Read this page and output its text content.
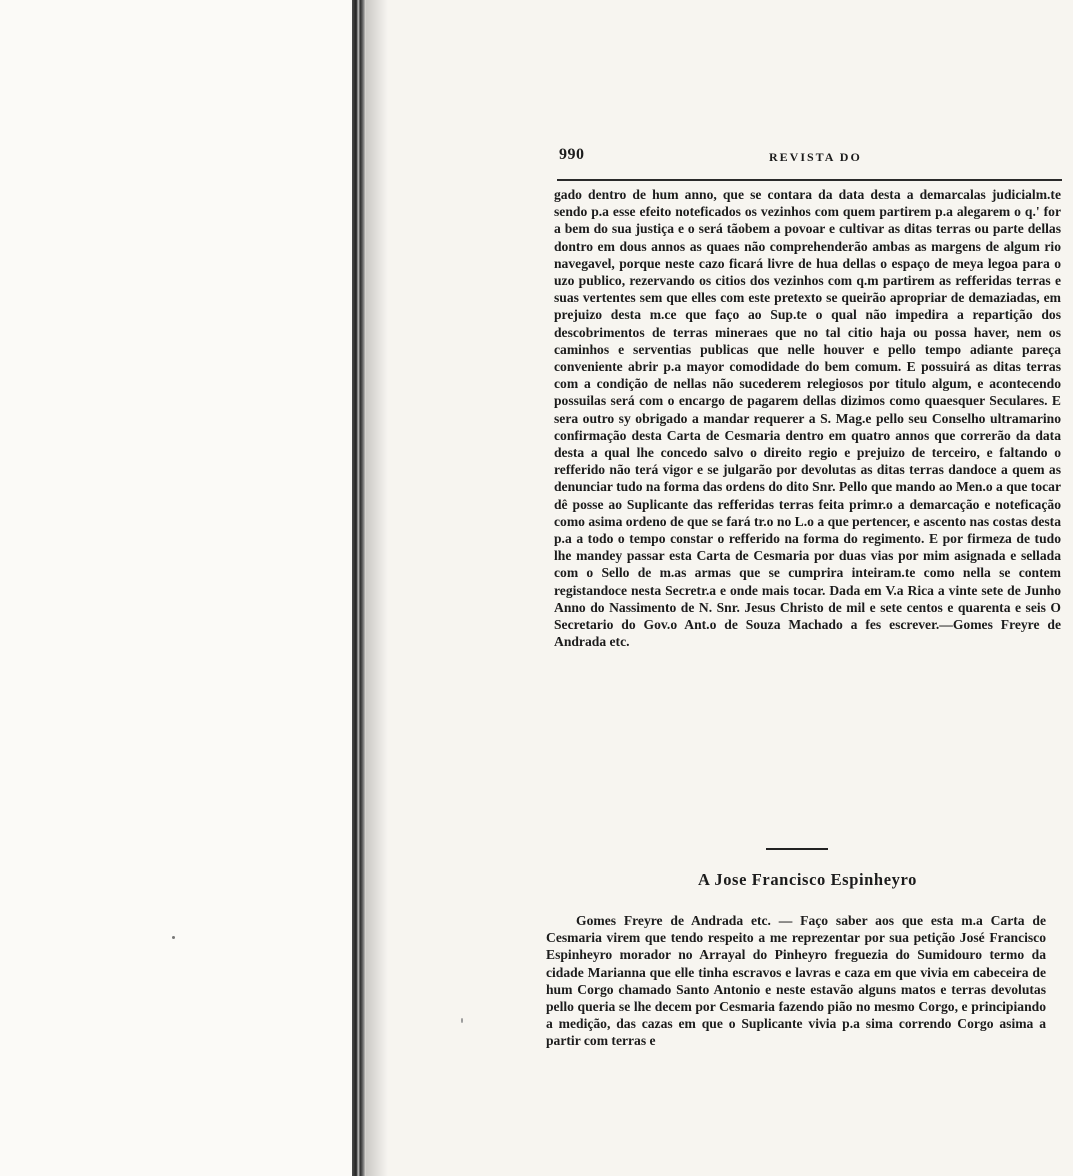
990	REVISTA DO

gado dentro de hum anno, que se contara da data desta a demarcalas judicialm.te sendo p.a esse efeito noteficados os vezinhos com quem partirem p.a alegarem o q.' for a bem do sua justiça e o será tãobem a povoar e cultivar as ditas terras ou parte dellas dontro em dous annos as quaes não comprehenderão ambas as margens de algum rio navegavel, porque neste cazo ficará livre de hua dellas o espaço de meya legoa para o uzo publico, rezervando os citios dos vezinhos com q.m partirem as refferidas terras e suas vertentes sem que elles com este pretexto se queirão apropriar de demaziadas, em prejuizo desta m.ce que faço ao Sup.te o qual não impedira a repartição dos descobrimentos de terras mineraes que no tal citio haja ou possa haver, nem os caminhos e serventias publicas que nelle houver e pello tempo adiante pareça conveniente abrir p.a mayor comodidade do bem comum. E possuirá as ditas terras com a condição de nellas não sucederem relegiosos por titulo algum, e acontecendo possuilas será com o encargo de pagarem dellas dizimos como quaesquer Seculares. E sera outro sy obrigado a mandar requerer a S. Mag.e pello seu Conselho ultramarino confirmação desta Carta de Cesmaria dentro em quatro annos que correrão da data desta a qual lhe concedo salvo o direito regio e prejuizo de terceiro, e faltando o refferido não terá vigor e se julgarão por devolutas as ditas terras dandoce a quem as denunciar tudo na forma das ordens do dito Snr. Pello que mando ao Men.o a que tocar dê posse ao Suplicante das refferidas terras feita primr.o a demarcação e noteficação como asima ordeno de que se fará tr.o no L.o a que pertencer, e ascento nas costas desta p.a a todo o tempo constar o refferido na forma do regimento. E por firmeza de tudo lhe mandey passar esta Carta de Cesmaria por duas vias por mim asignada e sellada com o Sello de m.as armas que se cumprira inteiram.te como nella se contem registandoce nesta Secretr.a e onde mais tocar. Dada em V.a Rica a vinte sete de Junho Anno do Nassimento de N. Snr. Jesus Christo de mil e sete centos e quarenta e seis O Secretario do Gov.o Ant.o de Souza Machado a fes escrever.—Gomes Freyre de Andrada etc.

A Jose Francisco Espinheyro

Gomes Freyre de Andrada etc. — Faço saber aos que esta m.a Carta de Cesmaria virem que tendo respeito a me reprezentar por sua petição José Francisco Espinheyro morador no Arrayal do Pinheyro freguezia do Sumidouro termo da cidade Marianna que elle tinha escravos e lavras e caza em que vivia em cabeceira de hum Corgo chamado Santo Antonio e neste estavão alguns matos e terras devolutas pello queria se lhe decem por Cesmaria fazendo pião no mesmo Corgo, e principiando a medição, das cazas em que o Suplicante vivia p.a sima correndo Corgo asima a partir com terras e
